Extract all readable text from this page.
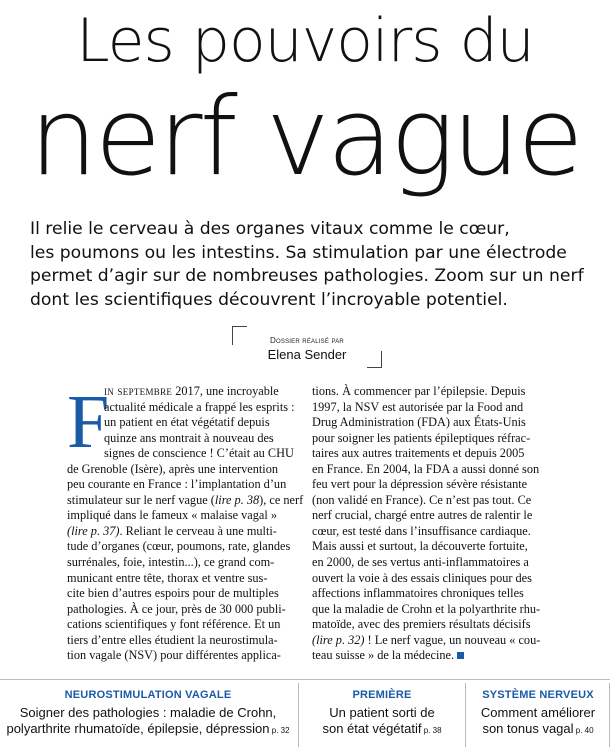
Les pouvoirs du
nerf vague
Il relie le cerveau à des organes vitaux comme le cœur,
les poumons ou les intestins. Sa stimulation par une électrode
permet d’agir sur de nombreuses pathologies. Zoom sur un nerf
dont les scientifiques découvrent l’incroyable potentiel.
Dossier réalisé par
Elena Sender
F
in septembre 2017, une incroyable
actualité médicale a frappé les esprits :
un patient en état végétatif depuis
quinze ans montrait à nouveau des
signes de conscience ! C’était au CHU
de Grenoble (Isère), après une intervention
peu courante en France : l’implantation d’un
stimulateur sur le nerf vague (lire p. 38), ce nerf
impliqué dans le fameux « malaise vagal »
(lire p. 37). Reliant le cerveau à une multi-
tude d’organes (cœur, poumons, rate, glandes
surrénales, foie, intestin...), ce grand com-
municant entre tête, thorax et ventre sus-
cite bien d’autres espoirs pour de multiples
pathologies. À ce jour, près de 30 000 publi-
cations scientifiques y font référence. Et un
tiers d’entre elles étudient la neurostimula-
tion vagale (NSV) pour différentes applica-
tions. À commencer par l’épilepsie. Depuis
1997, la NSV est autorisée par la Food and
Drug Administration (FDA) aux États-Unis
pour soigner les patients épileptiques réfrac-
taires aux autres traitements et depuis 2005
en France. En 2004, la FDA a aussi donné son
feu vert pour la dépression sévère résistante
(non validé en France). Ce n’est pas tout. Ce
nerf crucial, chargé entre autres de ralentir le
cœur, est testé dans l’insuffisance cardiaque.
Mais aussi et surtout, la découverte fortuite,
en 2000, de ses vertus anti-inflammatoires a
ouvert la voie à des essais cliniques pour des
affections inflammatoires chroniques telles
que la maladie de Crohn et la polyarthrite rhu-
matoïde, avec des premiers résultats décisifs
(lire p. 32) ! Le nerf vague, un nouveau « cou-
teau suisse » de la médecine.
NEUROSTIMULATION VAGALE
Soigner des pathologies : maladie de Crohn,
polyarthrite rhumatoïde, épilepsie, dépression p. 32
PREMIÈRE
Un patient sorti de
son état végétatif p. 38
SYSTÈME NERVEUX
Comment améliorer
son tonus vagal p. 40
